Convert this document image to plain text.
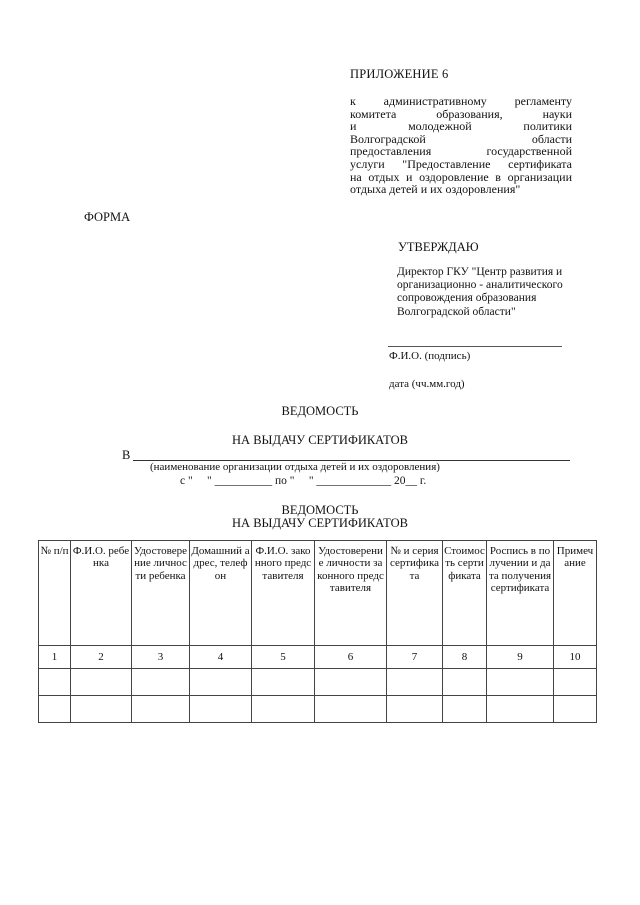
ПРИЛОЖЕНИЕ 6
к административному регламенту
комитета образования, науки
и молодежной политики
Волгоградской области
предоставления государственной
услуги "Предоставление сертификата
на отдых и оздоровление в организации
отдыха детей и их оздоровления"
ФОРМА
УТВЕРЖДАЮ
Директор ГКУ "Центр развития и организационно - аналитического сопровождения образования Волгоградской области"
Ф.И.О. (подпись)
дата (чч.мм.год)
ВЕДОМОСТЬ
НА ВЫДАЧУ СЕРТИФИКАТОВ
В
(наименование организации отдыха детей и их оздоровления)
с "     " __________ по "     " _____________ 20__ г.
ВЕДОМОСТЬ
НА ВЫДАЧУ СЕРТИФИКАТОВ
№ п/п	Ф.И.О. ребенка	Удостоверение личности ребенка	Домашний адрес, телефон	Ф.И.О. законного представителя	Удостоверение личности законного представителя	№ и серия сертификата	Стоимость сертификата	Роспись в получении и дата получения сертификата	Примечание
1	2	3	4	5	6	7	8	9	10
